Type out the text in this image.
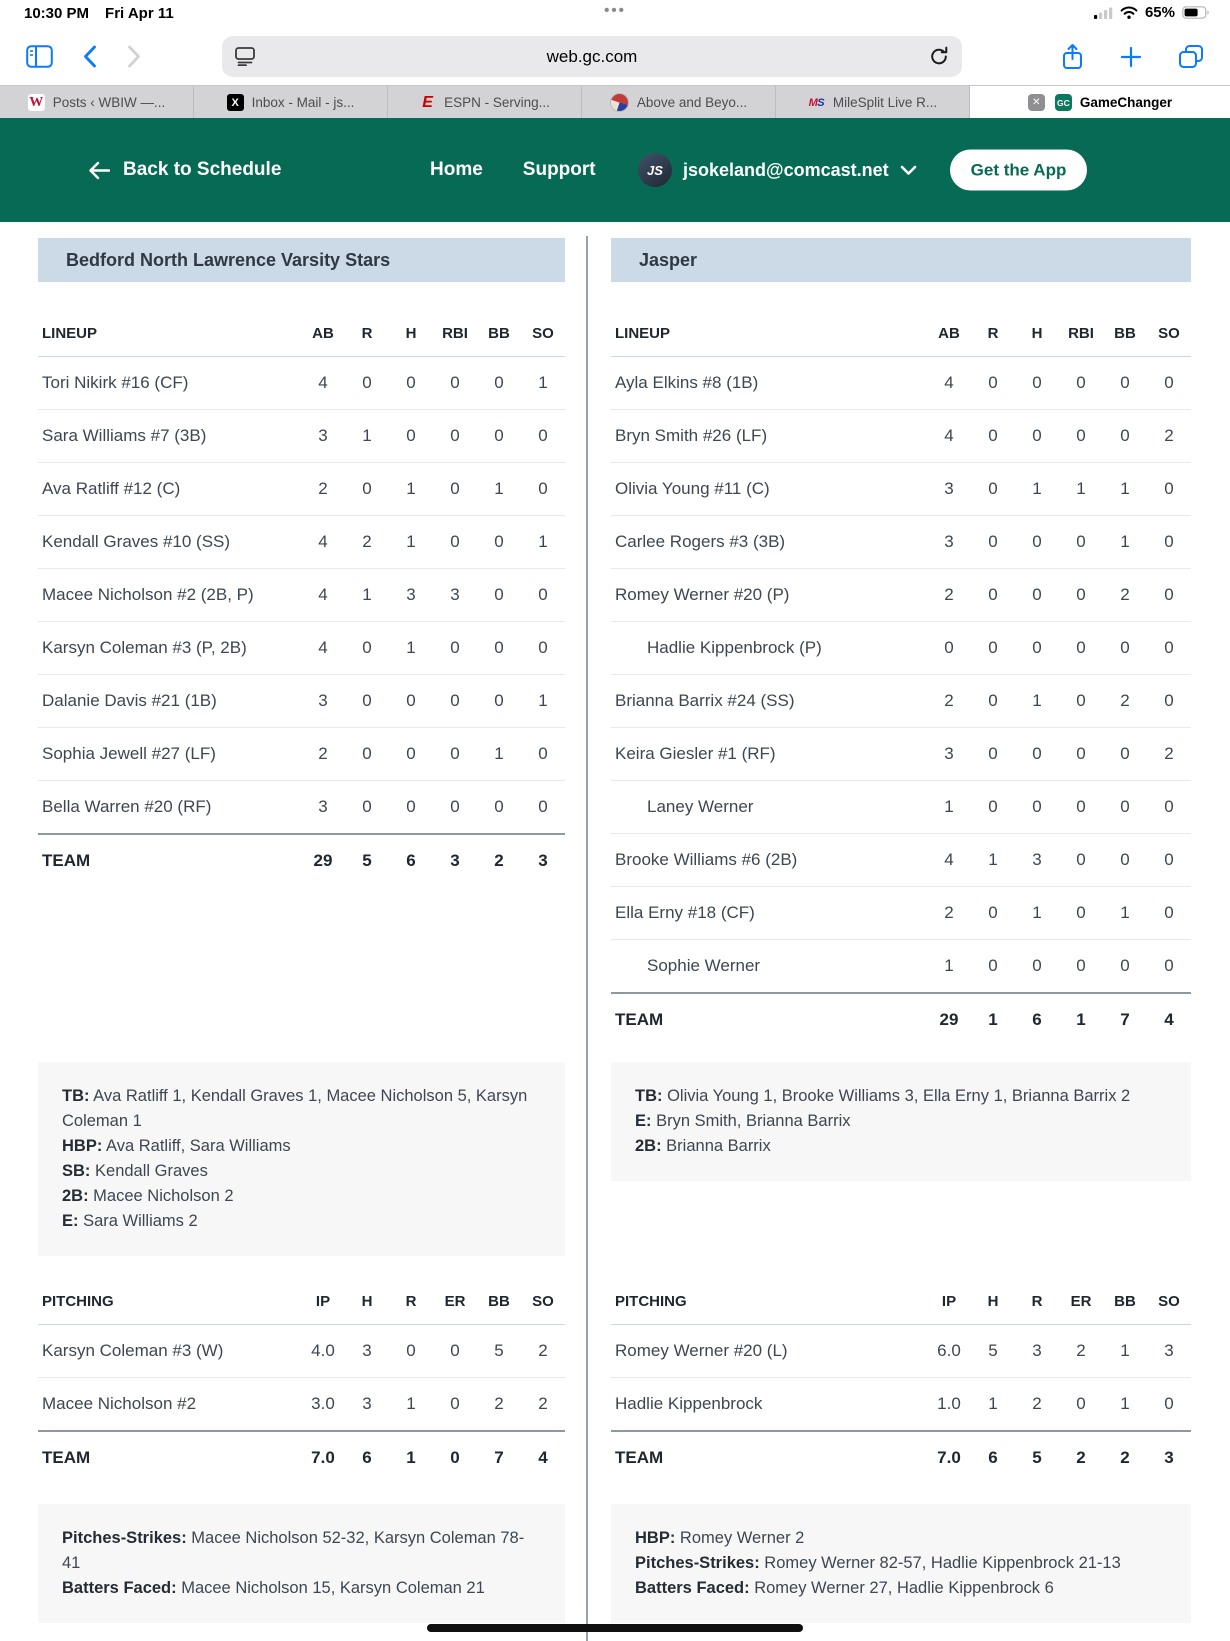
10:30 PM Fri Apr 11	•••	65%
web.gc.com
W Posts ‹ WBIW —...	X Inbox - Mail - js...	E ESPN - Serving...	Above and Beyo...	M S MileSplit Live R...	✕	GC GameChanger
Back to Schedule	Home Support	JS	jsokeland@comcast.net	Get the App
Bedford North Lawrence Varsity Stars
LINEUP	AB	R	H	RBI	BB	SO
Tori Nikirk #16 (CF)	4	0	0	0	0	1
Sara Williams #7 (3B)	3	1	0	0	0	0
Ava Ratliff #12 (C)	2	0	1	0	1	0
Kendall Graves #10 (SS)	4	2	1	0	0	1
Macee Nicholson #2 (2B, P)	4	1	3	3	0	0
Karsyn Coleman #3 (P, 2B)	4	0	1	0	0	0
Dalanie Davis #21 (1B)	3	0	0	0	0	1
Sophia Jewell #27 (LF)	2	0	0	0	1	0
Bella Warren #20 (RF)	3	0	0	0	0	0
TEAM	29	5	6	3	2	3
TB: Ava Ratliff 1, Kendall Graves 1, Macee Nicholson 5, Karsyn Coleman 1
HBP: Ava Ratliff, Sara Williams
SB: Kendall Graves
2B: Macee Nicholson 2
E: Sara Williams 2
PITCHING	IP	H	R	ER	BB	SO
Karsyn Coleman #3 (W)	4.0	3	0	0	5	2
Macee Nicholson #2	3.0	3	1	0	2	2
TEAM	7.0	6	1	0	7	4
Pitches-Strikes: Macee Nicholson 52-32, Karsyn Coleman 78-41
Batters Faced: Macee Nicholson 15, Karsyn Coleman 21
Jasper
LINEUP	AB	R	H	RBI	BB	SO
Ayla Elkins #8 (1B)	4	0	0	0	0	0
Bryn Smith #26 (LF)	4	0	0	0	0	2
Olivia Young #11 (C)	3	0	1	1	1	0
Carlee Rogers #3 (3B)	3	0	0	0	1	0
Romey Werner #20 (P)	2	0	0	0	2	0
Hadlie Kippenbrock (P)	0	0	0	0	0	0
Brianna Barrix #24 (SS)	2	0	1	0	2	0
Keira Giesler #1 (RF)	3	0	0	0	0	2
Laney Werner	1	0	0	0	0	0
Brooke Williams #6 (2B)	4	1	3	0	0	0
Ella Erny #18 (CF)	2	0	1	0	1	0
Sophie Werner	1	0	0	0	0	0
TEAM	29	1	6	1	7	4
TB: Olivia Young 1, Brooke Williams 3, Ella Erny 1, Brianna Barrix 2
E: Bryn Smith, Brianna Barrix
2B: Brianna Barrix
PITCHING	IP	H	R	ER	BB	SO
Romey Werner #20 (L)	6.0	5	3	2	1	3
Hadlie Kippenbrock	1.0	1	2	0	1	0
TEAM	7.0	6	5	2	2	3
HBP: Romey Werner 2
Pitches-Strikes: Romey Werner 82-57, Hadlie Kippenbrock 21-13
Batters Faced: Romey Werner 27, Hadlie Kippenbrock 6
